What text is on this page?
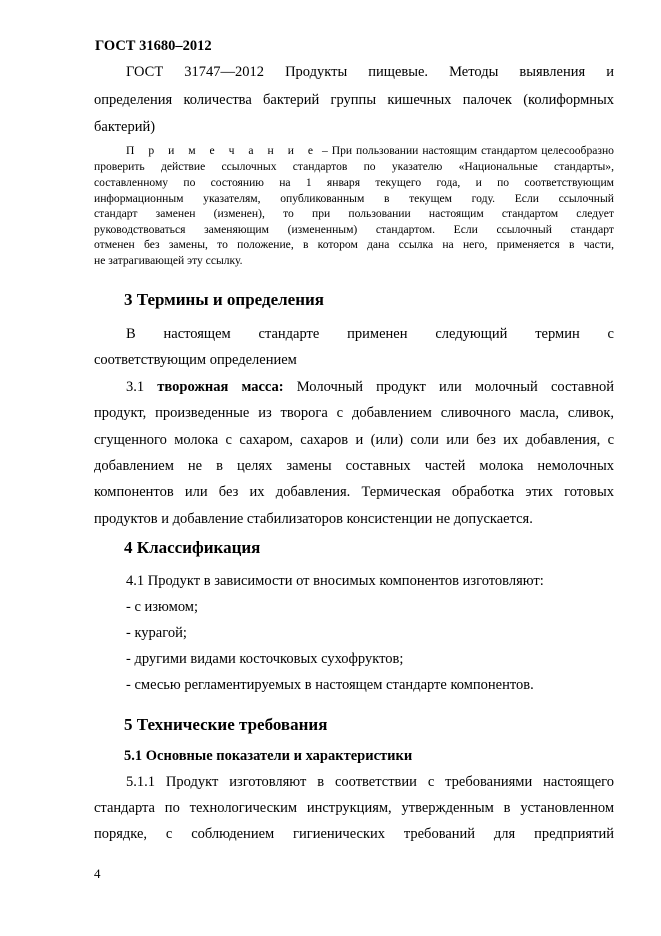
ГОСТ 31680–2012
ГОСТ 31747—2012 Продукты пищевые. Методы выявления и
определения количества бактерий группы кишечных палочек (колиформных
бактерий)
П р и м е ч а н и е – При пользовании настоящим стандартом целесообразно
проверить действие ссылочных стандартов по указателю «Национальные стандарты»,
составленному по состоянию на 1 января текущего года, и по соответствующим
информационным указателям, опубликованным в текущем году. Если ссылочный
стандарт заменен (изменен), то при пользовании настоящим стандартом следует
руководствоваться заменяющим (измененным) стандартом. Если ссылочный стандарт
отменен без замены, то положение, в котором дана ссылка на него, применяется в части,
не затрагивающей эту ссылку.
3 Термины и определения
В настоящем стандарте применен следующий термин с
соответствующим определением
3.1 творожная масса: Молочный продукт или молочный составной
продукт, произведенные из творога с добавлением сливочного масла, сливок,
сгущенного молока с сахаром, сахаров и (или) соли или без их добавления, с
добавлением не в целях замены составных частей молока немолочных
компонентов или без их добавления. Термическая обработка этих готовых
продуктов и добавление стабилизаторов консистенции не допускается.
4 Классификация
4.1 Продукт в зависимости от вносимых компонентов изготовляют:
- с изюмом;
- курагой;
- другими видами косточковых сухофруктов;
- смесью регламентируемых в настоящем стандарте компонентов.
5 Технические требования
5.1 Основные показатели и характеристики
5.1.1 Продукт изготовляют в соответствии с требованиями настоящего
стандарта по технологическим инструкциям, утвержденным в установленном
порядке, с соблюдением гигиенических требований для предприятий
4
